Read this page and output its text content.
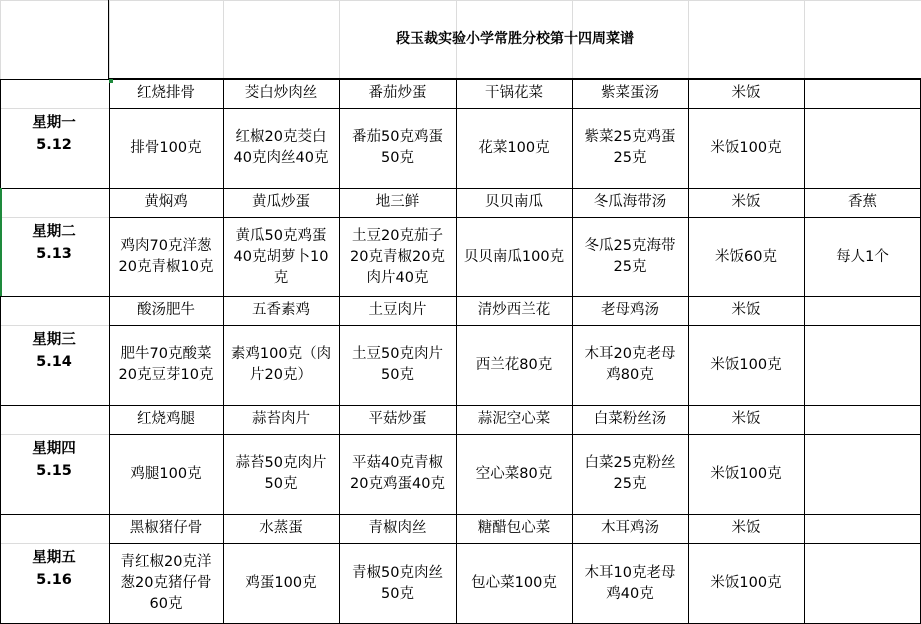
段玉裁实验小学常胜分校第十四周菜谱
星期一
5.12
红烧排骨
排骨100克
茭白炒肉丝
红椒20克茭白
40克肉丝40克
番茄炒蛋
番茄50克鸡蛋
50克
干锅花菜
花菜100克
紫菜蛋汤
紫菜25克鸡蛋
25克
米饭
米饭100克
星期二
5.13
黄焖鸡
鸡肉70克洋葱
20克青椒10克
黄瓜炒蛋
黄瓜50克鸡蛋
40克胡萝卜10
克
地三鲜
土豆20克茄子
20克青椒20克
肉片40克
贝贝南瓜
贝贝南瓜100克
冬瓜海带汤
冬瓜25克海带
25克
米饭
米饭60克
香蕉
每人1个
星期三
5.14
酸汤肥牛
肥牛70克酸菜
20克豆芽10克
五香素鸡
素鸡100克（肉
片20克）
土豆肉片
土豆50克肉片
50克
清炒西兰花
西兰花80克
老母鸡汤
木耳20克老母
鸡80克
米饭
米饭100克
星期四
5.15
红烧鸡腿
鸡腿100克
蒜苔肉片
蒜苔50克肉片
50克
平菇炒蛋
平菇40克青椒
20克鸡蛋40克
蒜泥空心菜
空心菜80克
白菜粉丝汤
白菜25克粉丝
25克
米饭
米饭100克
星期五
5.16
黑椒猪仔骨
青红椒20克洋
葱20克猪仔骨
60克
水蒸蛋
鸡蛋100克
青椒肉丝
青椒50克肉丝
50克
糖醋包心菜
包心菜100克
木耳鸡汤
木耳10克老母
鸡40克
米饭
米饭100克
